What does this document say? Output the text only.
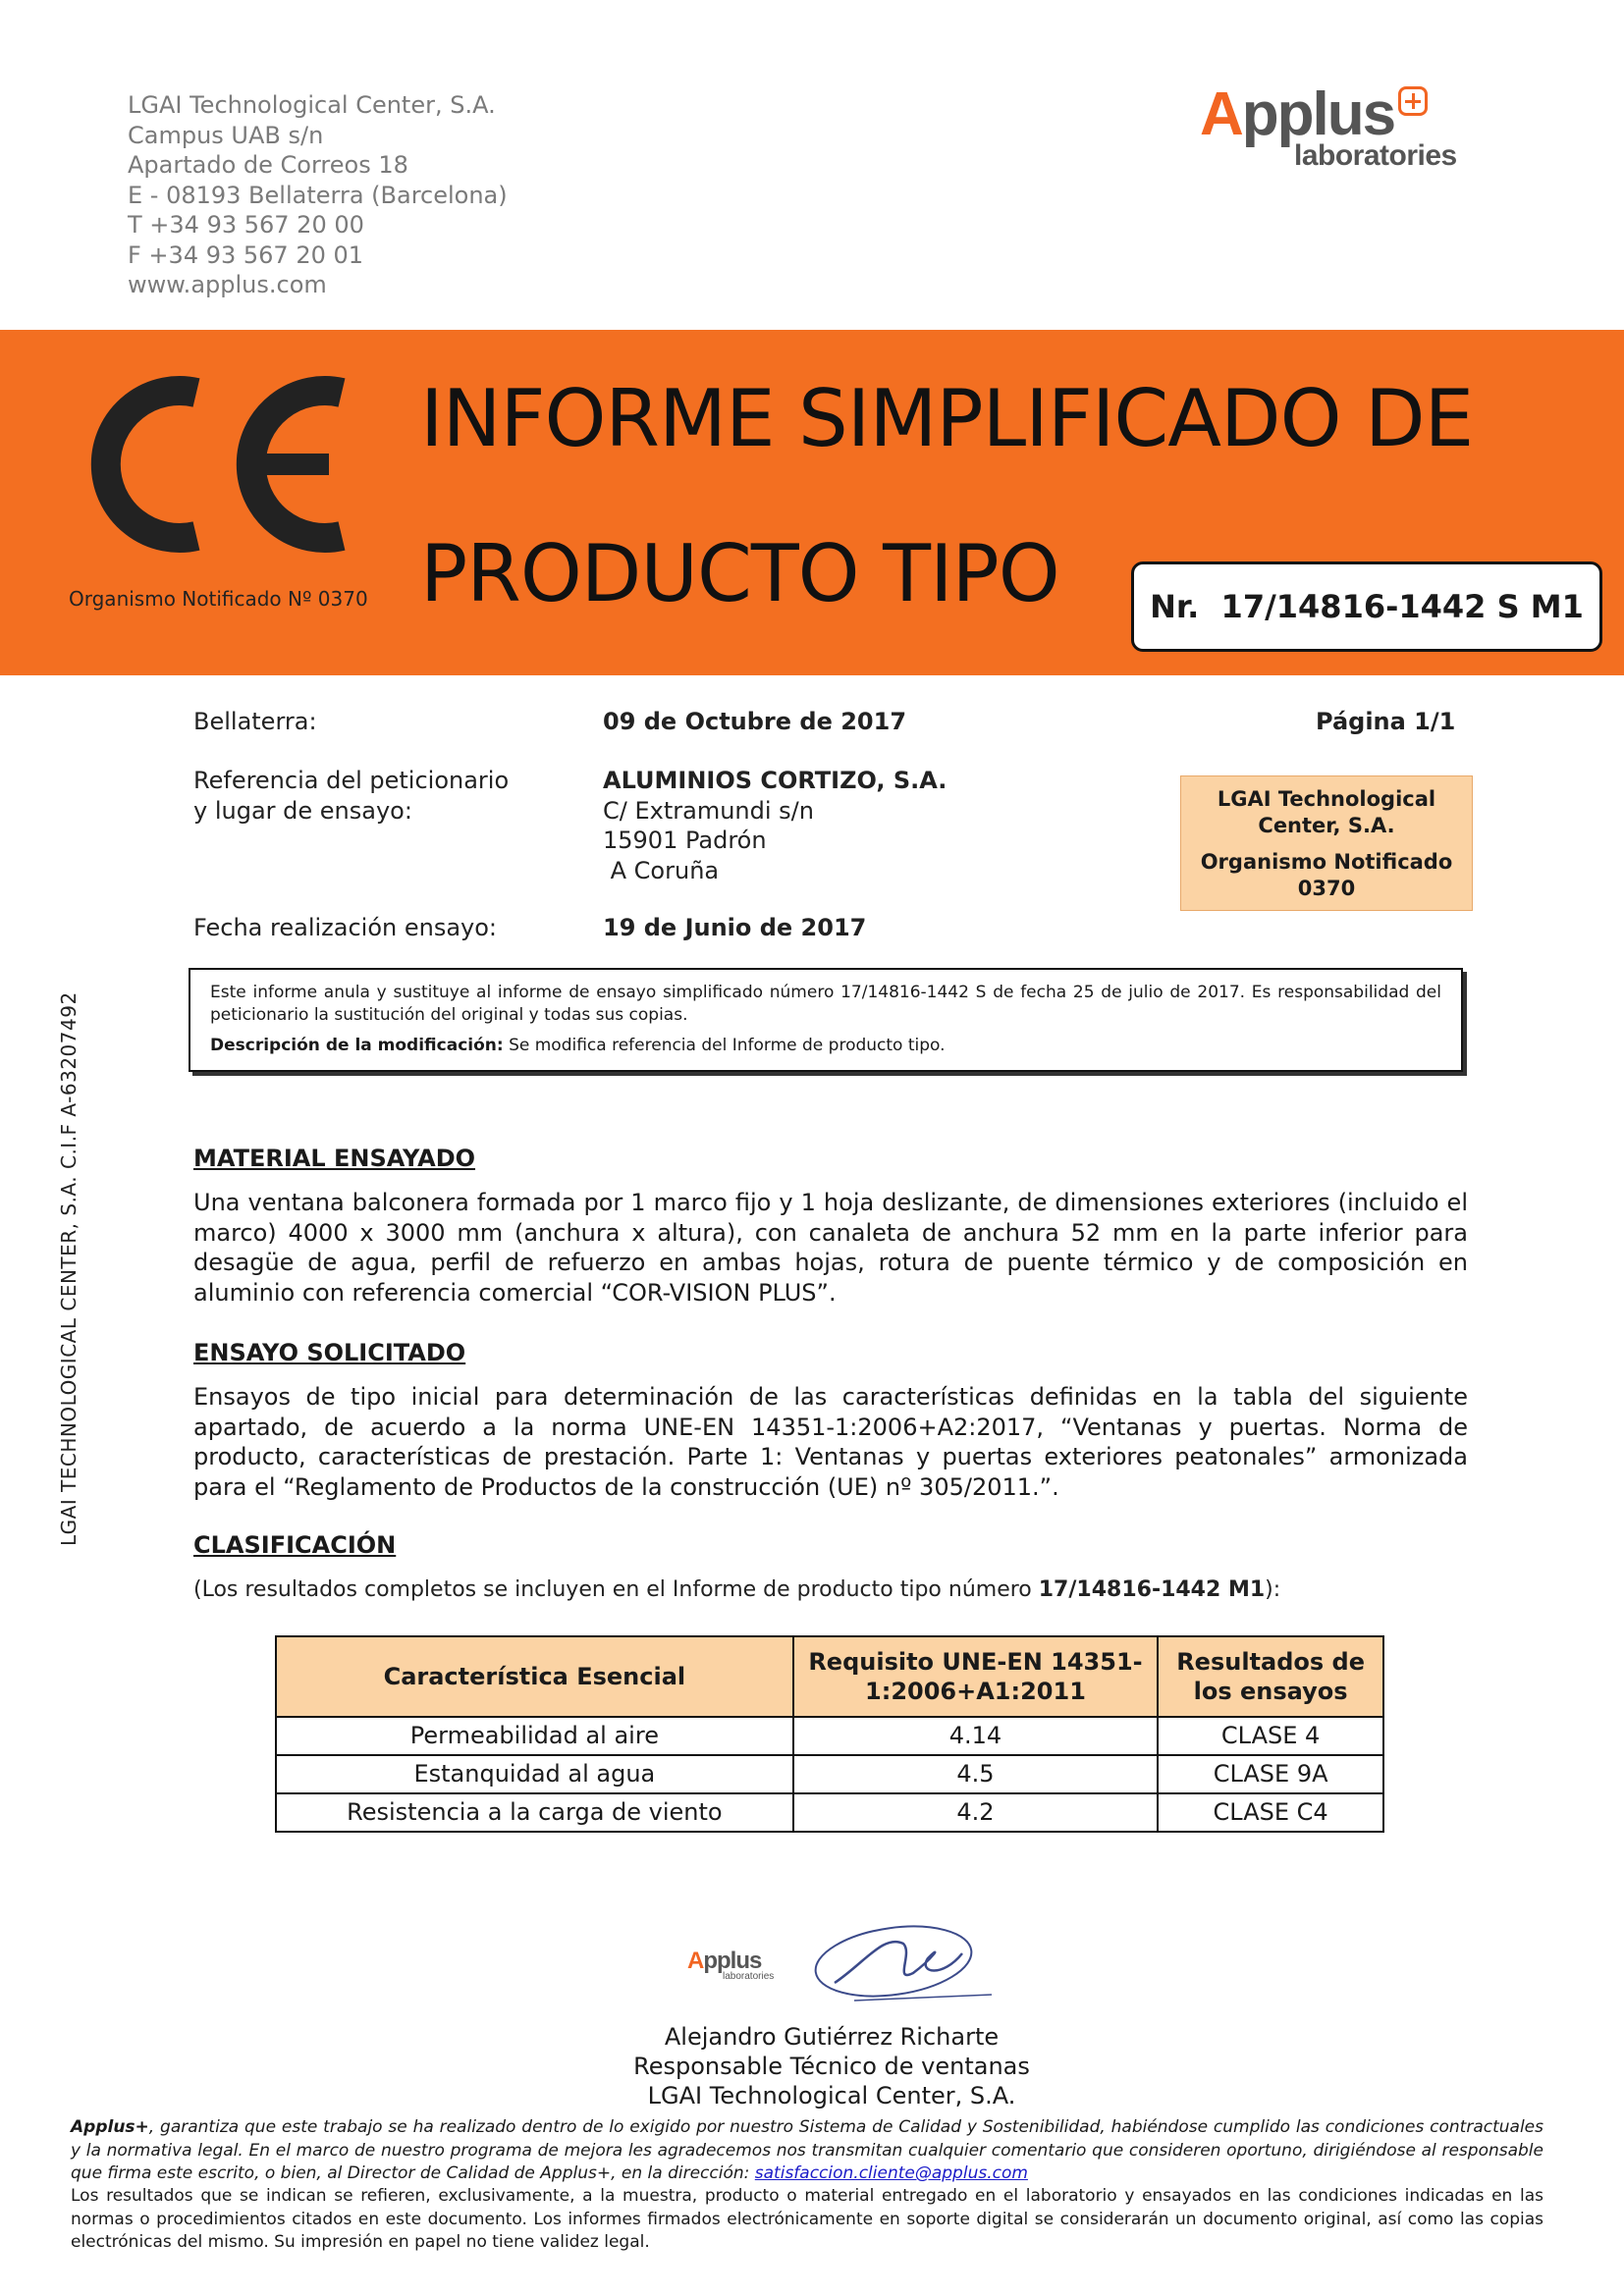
LGAI Technological Center, S.A.
Campus UAB s/n
Apartado de Correos 18
E - 08193 Bellaterra (Barcelona)
T +34 93 567 20 00
F +34 93 567 20 01
www.applus.com
Applus
laboratories
Organismo Notificado Nº 0370
INFORME SIMPLIFICADO DE
PRODUCTO TIPO	Nr.  17/14816-1442 S M1
Bellaterra:	09 de Octubre de 2017	Página 1/1
Referencia del peticionario
y lugar de ensayo:
ALUMINIOS CORTIZO, S.A.
C/ Extramundi s/n
15901 Padrón
A Coruña
Fecha realización ensayo:	19 de Junio de 2017
LGAI Technological
Center, S.A.
Organismo Notificado
0370
Este informe anula y sustituye al informe de ensayo simplificado número 17/14816-1442 S de fecha 25 de julio de 2017. Es responsabilidad del peticionario la sustitución del original y todas sus copias.
Descripción de la modificación: Se modifica referencia del Informe de producto tipo.
MATERIAL ENSAYADO
Una ventana balconera formada por 1 marco fijo y 1 hoja deslizante, de dimensiones exteriores (incluido el marco) 4000 x 3000 mm (anchura x altura), con canaleta de anchura 52 mm en la parte inferior para desagüe de agua, perfil de refuerzo en ambas hojas, rotura de puente térmico y de composición en aluminio con referencia comercial “COR-VISION PLUS”.
ENSAYO SOLICITADO
Ensayos de tipo inicial para determinación de las características definidas en la tabla del siguiente apartado, de acuerdo a la norma UNE-EN 14351-1:2006+A2:2017, “Ventanas y puertas. Norma de producto, características de prestación. Parte 1: Ventanas y puertas exteriores peatonales” armonizada para el “Reglamento de Productos de la construcción (UE) nº 305/2011.”.
CLASIFICACIÓN
(Los resultados completos se incluyen en el Informe de producto tipo número 17/14816-1442 M1):
Característica Esencial	Requisito UNE-EN 14351-1:2006+A1:2011	Resultados de los ensayos
Permeabilidad al aire	4.14	CLASE 4
Estanquidad al agua	4.5	CLASE 9A
Resistencia a la carga de viento	4.2	CLASE C4
Applus
laboratories
Alejandro Gutiérrez Richarte
Responsable Técnico de ventanas
LGAI Technological Center, S.A.
Applus+, garantiza que este trabajo se ha realizado dentro de lo exigido por nuestro Sistema de Calidad y Sostenibilidad, habiéndose cumplido las condiciones contractuales y la normativa legal. En el marco de nuestro programa de mejora les agradecemos nos transmitan cualquier comentario que consideren oportuno, dirigiéndose al responsable que firma este escrito, o bien, al Director de Calidad de Applus+, en la dirección: satisfaccion.cliente@applus.com
Los resultados que se indican se refieren, exclusivamente, a la muestra, producto o material entregado en el laboratorio y ensayados en las condiciones indicadas en las normas o procedimientos citados en este documento. Los informes firmados electrónicamente en soporte digital se considerarán un documento original, así como las copias electrónicas del mismo. Su impresión en papel no tiene validez legal.
LGAI TECHNOLOGICAL CENTER, S.A. C.I.F A-63207492
